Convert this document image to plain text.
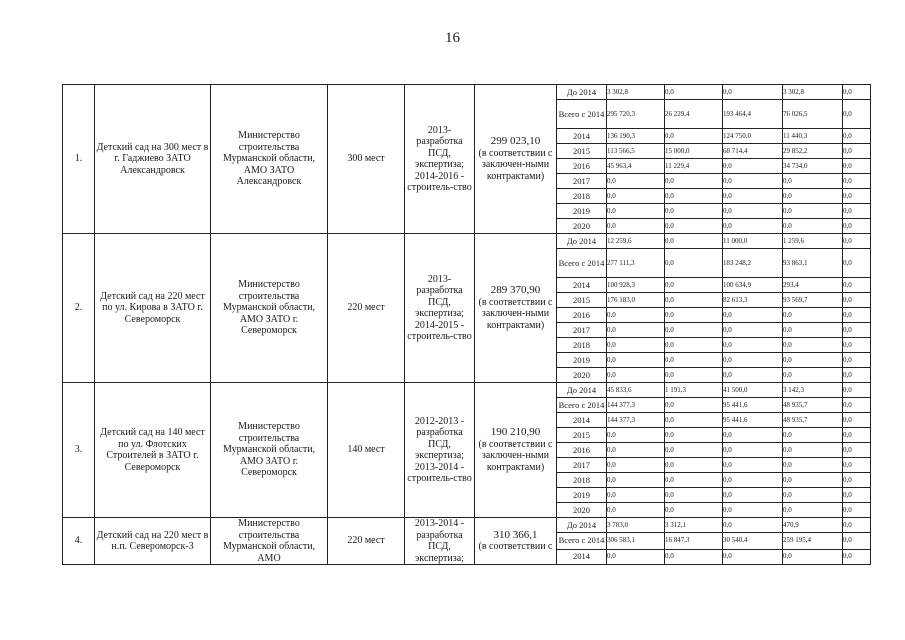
16
1.	Детский сад на 300 мест в г. Гаджиево ЗАТО Александровск	Министерство строительства Мурманской области, АМО ЗАТО Александровск	300 мест	2013-разработка ПСД, экспертиза; 2014-2016 - строитель-ство	299 023,10
(в соответствии с заключен-ными контрактами)	До 2014	3 302,8	0,0	0,0	3 302,8	0,0
						Всего с 2014	295 720,3	26 229,4	193 464,4	76 026,5	0,0
						2014	136 190,3	0,0	124 750,0	11 440,3	0,0
						2015	113 566,5	15 000,0	68 714,4	29 852,2	0,0
						2016	45 963,4	11 229,4	0,0	34 734,0	0,0
						2017	0,0	0,0	0,0	0,0	0,0
						2018	0,0	0,0	0,0	0,0	0,0
						2019	0,0	0,0	0,0	0,0	0,0
						2020	0,0	0,0	0,0	0,0	0,0
2.	Детский сад на 220 мест по ул. Кирова в ЗАТО г. Североморск	Министерство строительства Мурманской области, АМО ЗАТО г. Североморск	220 мест	2013-разработка ПСД, экспертиза; 2014-2015 - строитель-ство	289 370,90
(в соответствии с заключен-ными контрактами)	До 2014	12 259,6	0,0	11 000,0	1 259,6	0,0
						Всего с 2014	277 111,3	0,0	183 248,2	93 863,1	0,0
						2014	100 928,3	0,0	100 634,9	293,4	0,0
						2015	176 183,0	0,0	82 613,3	93 569,7	0,0
						2016	0,0	0,0	0,0	0,0	0,0
						2017	0,0	0,0	0,0	0,0	0,0
						2018	0,0	0,0	0,0	0,0	0,0
						2019	0,0	0,0	0,0	0,0	0,0
						2020	0,0	0,0	0,0	0,0	0,0
3.	Детский сад на 140 мест по ул. Флотских Строителей в ЗАТО г. Североморск	Министерство строительства Мурманской области, АМО ЗАТО г. Североморск	140 мест	2012-2013 - разработка ПСД, экспертиза; 2013-2014 - строитель-ство	190 210,90
(в соответствии с заключен-ными контрактами)	До 2014	45 833,6	1 191,3	41 500,0	3 142,3	0,0
						Всего с 2014	144 377,3	0,0	95 441,6	48 935,7	0,0
						2014	144 377,3	0,0	95 441,6	48 935,7	0,0
						2015	0,0	0,0	0,0	0,0	0,0
						2016	0,0	0,0	0,0	0,0	0,0
						2017	0,0	0,0	0,0	0,0	0,0
						2018	0,0	0,0	0,0	0,0	0,0
						2019	0,0	0,0	0,0	0,0	0,0
						2020	0,0	0,0	0,0	0,0	0,0
4.	Детский сад на 220 мест в н.п. Североморск-3	Министерство строительства Мурманской области, АМО	220 мест	2013-2014 - разработка ПСД, экспертиза;	310 366,1
(в соответствии с	До 2014	3 783,0	3 312,1	0,0	470,9	0,0
						Всего с 2014	306 583,1	16 847,3	30 540,4	259 195,4	0,0
						2014	0,0	0,0	0,0	0,0	0,0
